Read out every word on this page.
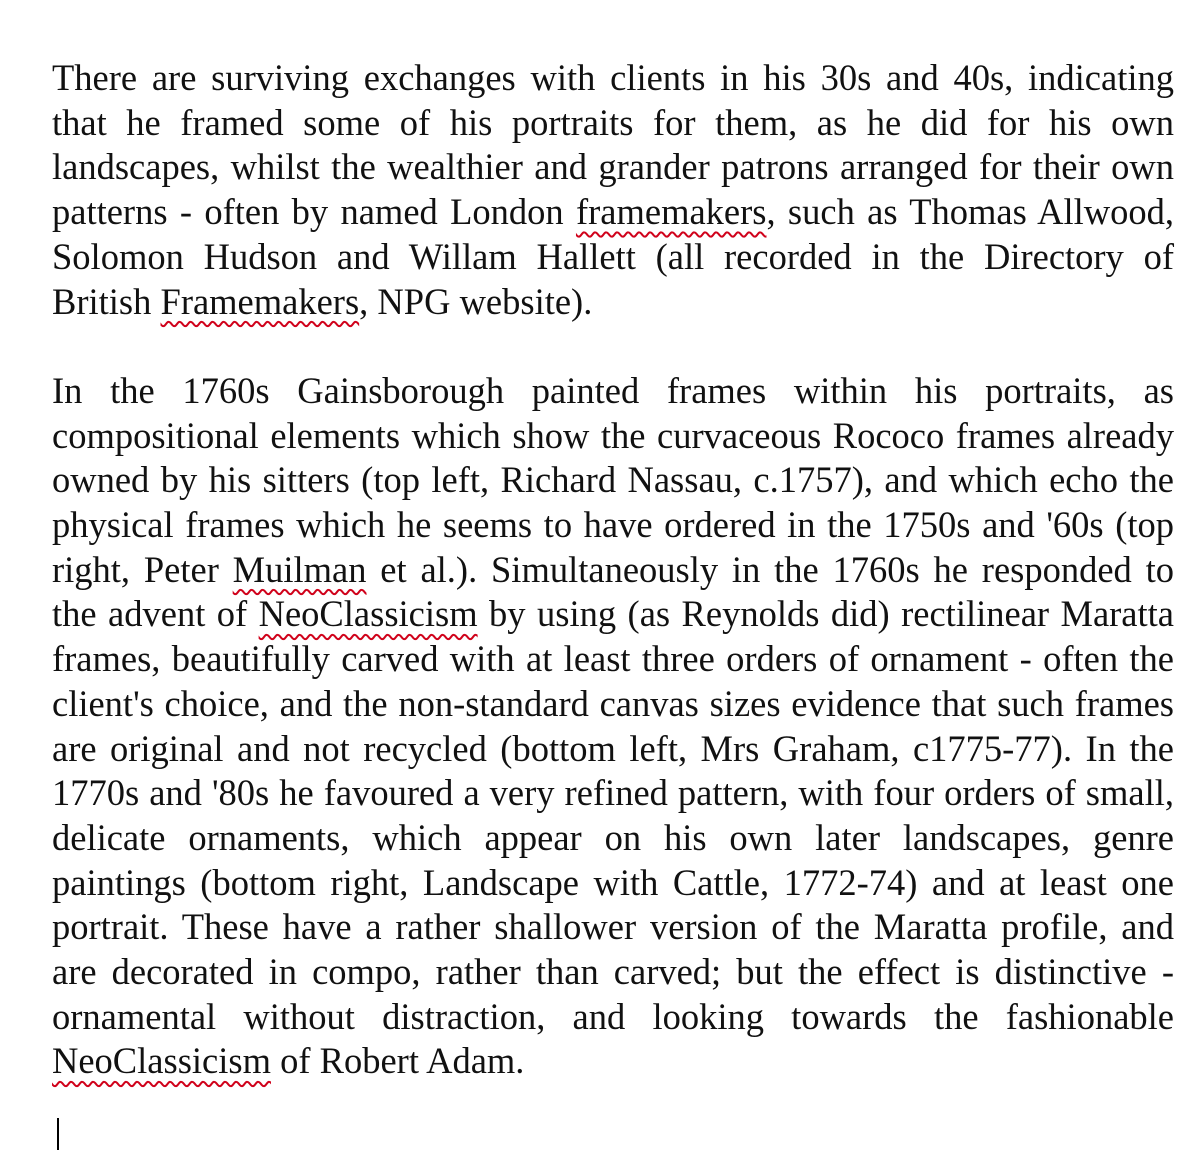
There are surviving exchanges with clients in his 30s and 40s, indicating that he framed some of his portraits for them, as he did for his own landscapes, whilst the wealthier and grander patrons arranged for their own patterns - often by named London framemakers, such as Thomas Allwood, Solomon Hudson and Willam Hallett (all recorded in the Directory of British Framemakers, NPG website).

In the 1760s Gainsborough painted frames within his portraits, as compositional elements which show the curvaceous Rococo frames already owned by his sitters (top left, Richard Nassau, c.1757), and which echo the physical frames which he seems to have ordered in the 1750s and '60s (top right, Peter Muilman et al.). Simultaneously in the 1760s he responded to the advent of NeoClassicism by using (as Reynolds did) rectilinear Maratta frames, beautifully carved with at least three orders of ornament - often the client's choice, and the non-standard canvas sizes evidence that such frames are original and not recycled (bottom left, Mrs Graham, c1775-77). In the 1770s and '80s he favoured a very refined pattern, with four orders of small, delicate ornaments, which appear on his own later landscapes, genre paintings (bottom right, Landscape with Cattle, 1772-74) and at least one portrait. These have a rather shallower version of the Maratta profile, and are decorated in compo, rather than carved; but the effect is distinctive - ornamental without distraction, and looking towards the fashionable NeoClassicism of Robert Adam.
